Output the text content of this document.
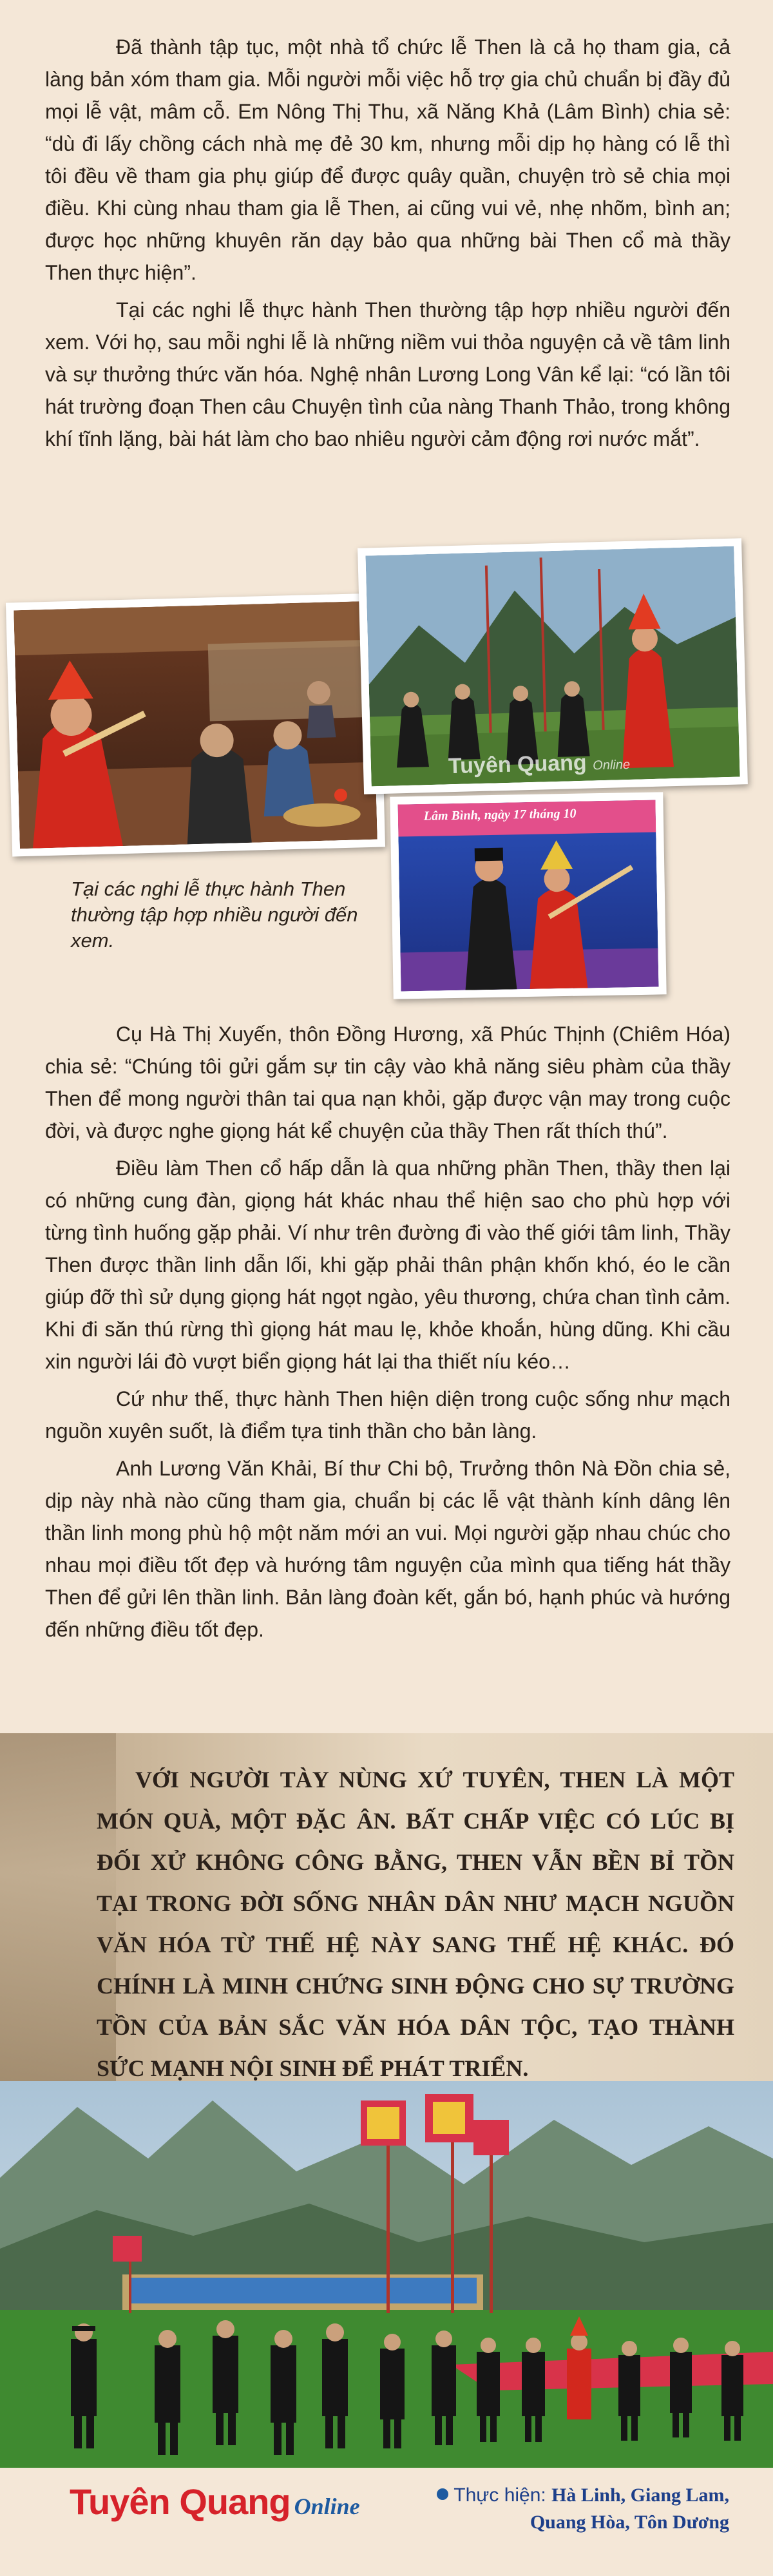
Đã thành tập tục, một nhà tổ chức lễ Then là cả họ tham gia, cả làng bản xóm tham gia. Mỗi người mỗi việc hỗ trợ gia chủ chuẩn bị đầy đủ mọi lễ vật, mâm cỗ. Em Nông Thị Thu, xã Năng Khả (Lâm Bình) chia sẻ: “dù đi lấy chồng cách nhà mẹ đẻ 30 km, nhưng mỗi dịp họ hàng có lễ thì tôi đều về tham gia phụ giúp để được quây quần, chuyện trò sẻ chia mọi điều. Khi cùng nhau tham gia lễ Then, ai cũng vui vẻ, nhẹ nhõm, bình an; được học những khuyên răn dạy bảo qua những bài Then cổ mà thầy Then thực hiện”.

Tại các nghi lễ thực hành Then thường tập hợp nhiều người đến xem. Với họ, sau mỗi nghi lễ là những niềm vui thỏa nguyện cả về tâm linh và sự thưởng thức văn hóa. Nghệ nhân Lương Long Vân kể lại: “có lần tôi hát trường đoạn Then câu Chuyện tình của nàng Thanh Thảo, trong không khí tĩnh lặng, bài hát làm cho bao nhiêu người cảm động rơi nước mắt”.

Tuyên Quang Online
Lâm Bình, ngày 17 tháng 10
Tại các nghi lễ thực hành Then thường tập hợp nhiều người đến xem.

Cụ Hà Thị Xuyến, thôn Đồng Hương, xã Phúc Thịnh (Chiêm Hóa) chia sẻ: “Chúng tôi gửi gắm sự tin cậy vào khả năng siêu phàm của thầy Then để mong người thân tai qua nạn khỏi, gặp được vận may trong cuộc đời, và được nghe giọng hát kể chuyện của thầy Then rất thích thú”.

Điều làm Then cổ hấp dẫn là qua những phần Then, thầy then lại có những cung đàn, giọng hát khác nhau thể hiện sao cho phù hợp với từng tình huống gặp phải. Ví như trên đường đi vào thế giới tâm linh, Thầy Then được thần linh dẫn lối, khi gặp phải thân phận khốn khó, éo le cần giúp đỡ thì sử dụng giọng hát ngọt ngào, yêu thương, chứa chan tình cảm. Khi đi săn thú rừng thì giọng hát mau lẹ, khỏe khoắn, hùng dũng. Khi cầu xin người lái đò vượt biển giọng hát lại tha thiết níu kéo…

Cứ như thế, thực hành Then hiện diện trong cuộc sống như mạch nguồn xuyên suốt, là điểm tựa tinh thần cho bản làng.

Anh Lương Văn Khải, Bí thư Chi bộ, Trưởng thôn Nà Đồn chia sẻ, dịp này nhà nào cũng tham gia, chuẩn bị các lễ vật thành kính dâng lên thần linh mong phù hộ một năm mới an vui. Mọi người gặp nhau chúc cho nhau mọi điều tốt đẹp và hướng tâm nguyện của mình qua tiếng hát thầy Then để gửi lên thần linh. Bản làng đoàn kết, gắn bó, hạnh phúc và hướng đến những điều tốt đẹp.

VỚI NGƯỜI TÀY NÙNG XỨ TUYÊN, THEN LÀ MỘT MÓN QUÀ, MỘT ĐẶC ÂN. BẤT CHẤP VIỆC CÓ LÚC BỊ ĐỐI XỬ KHÔNG CÔNG BẰNG, THEN VẪN BỀN BỈ TỒN TẠI TRONG ĐỜI SỐNG NHÂN DÂN NHƯ MẠCH NGUỒN VĂN HÓA TỪ THẾ HỆ NÀY SANG THẾ HỆ KHÁC. ĐÓ CHÍNH LÀ MINH CHỨNG SINH ĐỘNG CHO SỰ TRƯỜNG TỒN CỦA BẢN SẮC VĂN HÓA DÂN TỘC, TẠO THÀNH SỨC MẠNH NỘI SINH ĐỂ PHÁT TRIỂN.
Tuyên Quang Online	Thực hiện: Hà Linh, Giang Lam,
Quang Hòa, Tôn Dương
